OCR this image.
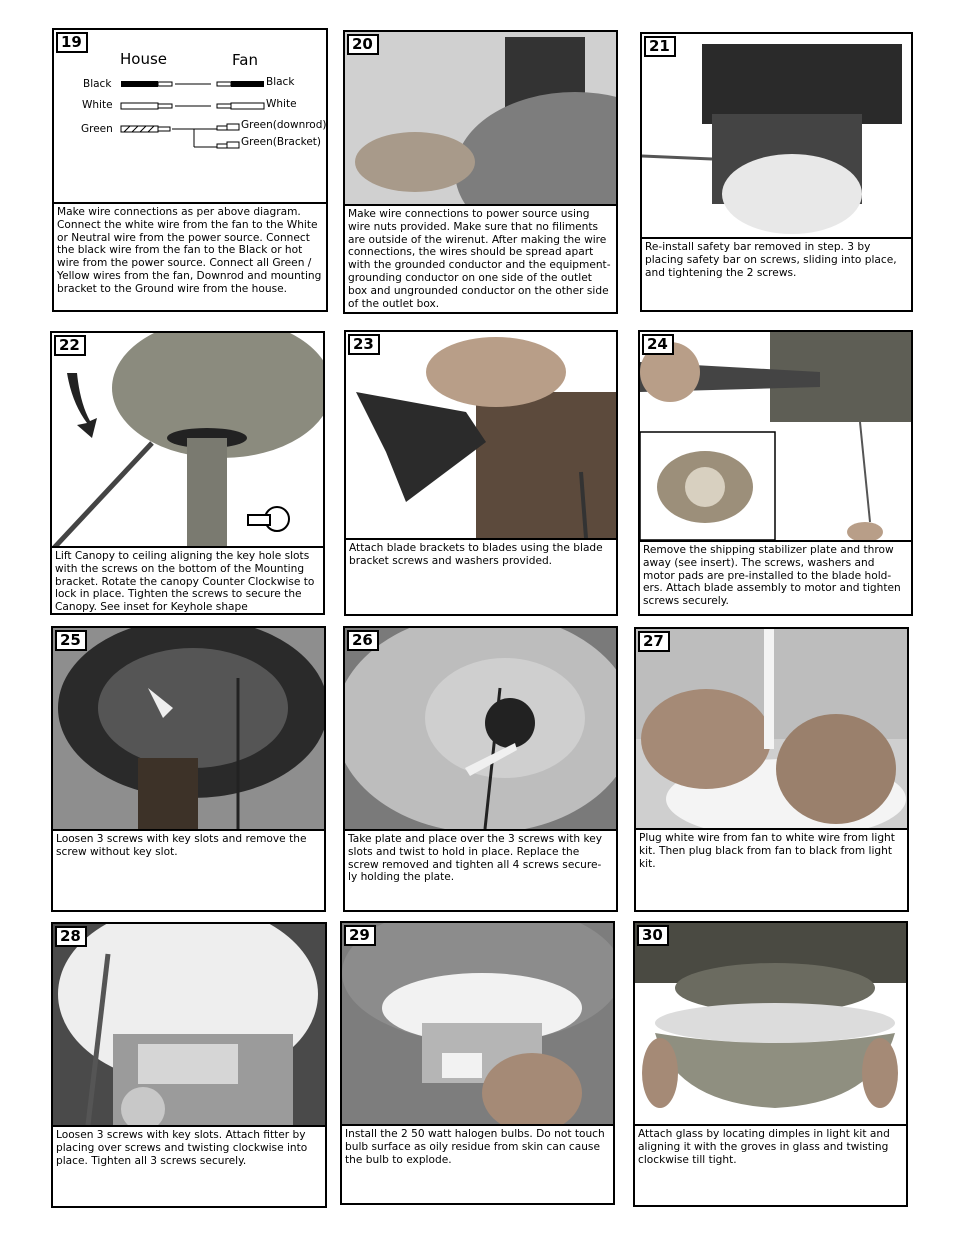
19
House	Fan
Black
White
Green
Black
White
Green(downrod)
Green(Bracket)
Make wire connections as per above diagram. Connect the white wire from the fan to the White or Neutral wire from the power source. Connect the black wire from the fan to the Black or hot wire from the power source. Connect all Green / Yellow wires from the fan, Downrod and mounting bracket to the Ground wire from the house.
20
Make wire connections to power source using wire nuts provided. Make sure that no filiments are outside of the wirenut. After making the wire connections, the wires should be spread apart with the grounded conductor and the equipment-grounding conductor on one side of the outlet box and ungrounded conductor on the other side of the outlet box.
21
Re-install safety bar removed in step. 3 by placing safety bar on screws, sliding into place, and tightening the 2 screws.
22
Lift Canopy to ceiling aligning the key hole slots with the screws on the bottom of the Mounting bracket. Rotate the canopy Counter Clockwise to lock in place. Tighten the screws to secure the Canopy. See inset for Keyhole shape
23
Attach blade brackets to blades using the blade bracket screws and washers provided.
24
Remove the shipping stabilizer plate and throw away (see insert). The screws, washers and motor pads are pre-installed to the blade hold- ers. Attach blade assembly to motor and tighten screws securely.
25
Loosen 3 screws with key slots and remove the screw without key slot.
26
Take plate and place over the 3 screws with key slots and twist to hold in place. Replace the screw removed and tighten all 4 screws secure- ly holding the plate.
27
Plug white wire from fan to white wire from light kit. Then plug black from fan to black from light kit.
28
Loosen 3 screws with key slots. Attach fitter by placing over screws and twisting clockwise into place. Tighten all 3 screws securely.
29
Install the 2 50 watt halogen bulbs. Do not touch bulb surface as oily residue from skin can cause the bulb to explode.
30
Attach glass by locating dimples in light kit and aligning it with the groves in glass and twisting clockwise till tight.
